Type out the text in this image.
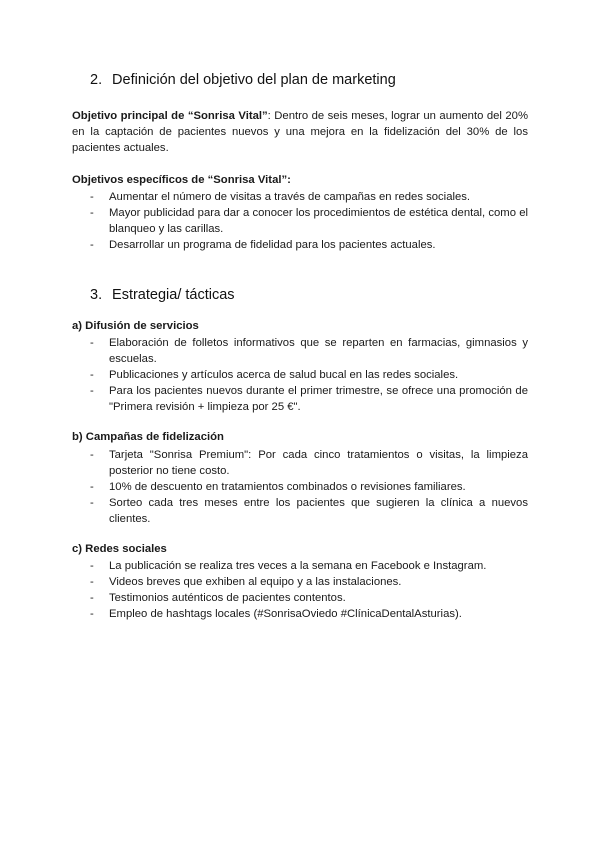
2. Definición del objetivo del plan de marketing
Objetivo principal de “Sonrisa Vital”: Dentro de seis meses, lograr un aumento del 20% en la captación de pacientes nuevos y una mejora en la fidelización del 30% de los pacientes actuales.
Objetivos específicos de “Sonrisa Vital”:
- Aumentar el número de visitas a través de campañas en redes sociales.
- Mayor publicidad para dar a conocer los procedimientos de estética dental, como el blanqueo y las carillas.
- Desarrollar un programa de fidelidad para los pacientes actuales.
3. Estrategia/ tácticas
a) Difusión de servicios
- Elaboración de folletos informativos que se reparten en farmacias, gimnasios y escuelas.
- Publicaciones y artículos acerca de salud bucal en las redes sociales.
- Para los pacientes nuevos durante el primer trimestre, se ofrece una promoción de "Primera revisión + limpieza por 25 €".
b) Campañas de fidelización
- Tarjeta "Sonrisa Premium": Por cada cinco tratamientos o visitas, la limpieza posterior no tiene costo.
- 10% de descuento en tratamientos combinados o revisiones familiares.
- Sorteo cada tres meses entre los pacientes que sugieren la clínica a nuevos clientes.
c) Redes sociales
- La publicación se realiza tres veces a la semana en Facebook e Instagram.
- Videos breves que exhiben al equipo y a las instalaciones.
- Testimonios auténticos de pacientes contentos.
- Empleo de hashtags locales (#SonrisaOviedo #ClínicaDentalAsturias).
